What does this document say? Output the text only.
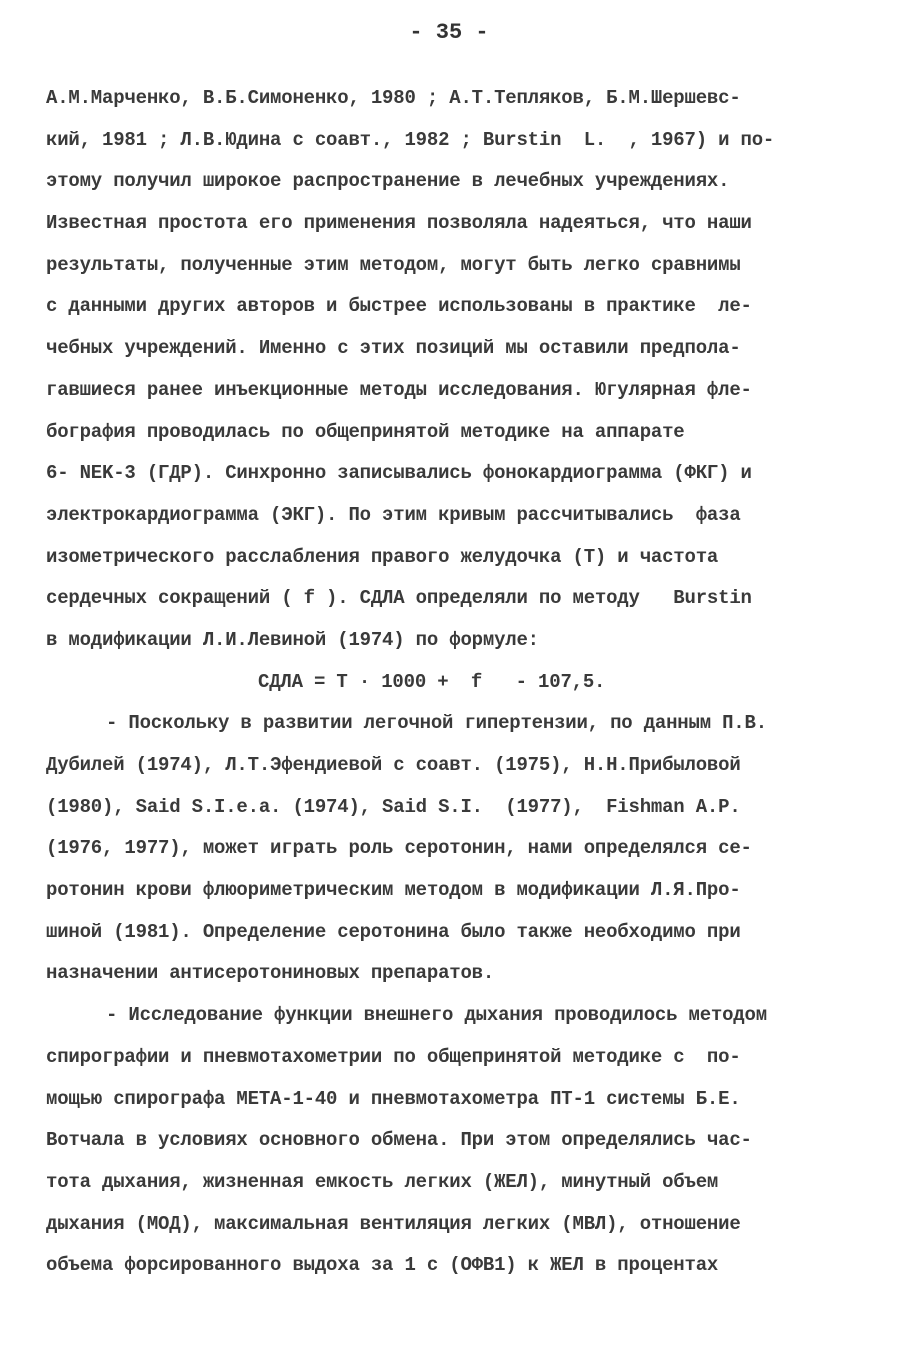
- 35 -
А.М.Марченко, В.Б.Симоненко, 1980 ; А.Т.Тепляков, Б.М.Шершевс-
кий, 1981 ; Л.В.Юдина с соавт., 1982 ; Burstin  L.  , 1967) и по-
этому получил широкое распространение в лечебных учреждениях.
Известная простота его применения позволяла надеяться, что наши
результаты, полученные этим методом, могут быть легко сравнимы
с данными других авторов и быстрее использованы в практике  ле-
чебных учреждений. Именно с этих позиций мы оставили предпола-
гавшиеся ранее инъекционные методы исследования. Югулярная фле-
бография проводилась по общепринятой методике на аппарате
6- NEK-3 (ГДР). Синхронно записывались фонокардиограмма (ФКГ) и
электрокардиограмма (ЭКГ). По этим кривым рассчитывались  фаза
изометрического расслабления правого желудочка (Т) и частота
сердечных сокращений ( f ). СДЛА определяли по методу   Burstin
в модификации Л.И.Левиной (1974) по формуле:
СДЛА = Т · 1000 +  f   - 107,5.
- Поскольку в развитии легочной гипертензии, по данным П.В.
Дубилей (1974), Л.Т.Эфендиевой с соавт. (1975), Н.Н.Прибыловой
(1980), Said S.I.e.a. (1974), Said S.I.  (1977),  Fishman A.P.
(1976, 1977), может играть роль серотонин, нами определялся се-
ротонин крови флюориметрическим методом в модификации Л.Я.Про-
шиной (1981). Определение серотонина было также необходимо при
назначении антисеротониновых препаратов.
- Исследование функции внешнего дыхания проводилось методом
спирографии и пневмотахометрии по общепринятой методике с  по-
мощью спирографа МЕТА-1-40 и пневмотахометра ПТ-1 системы Б.Е.
Вотчала в условиях основного обмена. При этом определялись час-
тота дыхания, жизненная емкость легких (ЖЕЛ), минутный объем
дыхания (МОД), максимальная вентиляция легких (МВЛ), отношение
объема форсированного выдоха за 1 с (ОФВ1) к ЖЕЛ в процентах
